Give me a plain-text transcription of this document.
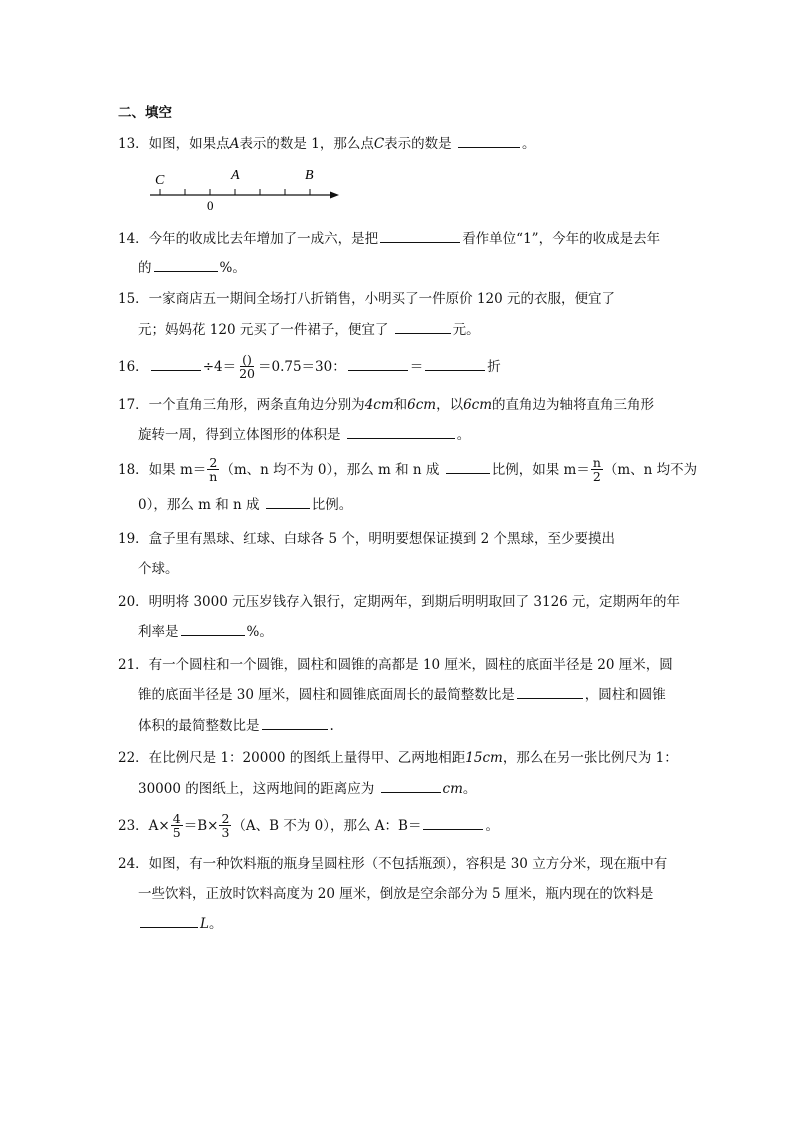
二、填空
13．如图，如果点A表示的数是 1，那么点C表示的数是	。
C	A	B
0
14．今年的收成比去年增加了一成六，是把	看作单位“1”，今年的收成是去年
的	%。
15．一家商店五一期间全场打八折销售，小明买了一件原价 120 元的衣服，便宜了
元；妈妈花 120 元买了一件裙子，便宜了	元。
16．	$\div 4= \frac{()}{20} =0.75=30$：	＝	折
17．一个直角三角形，两条直角边分别为4cm和6cm，以6cm的直角边为轴将直角三角形
旋转一周，得到立体图形的体积是	。
18．如果 $m= \frac{2}{n} (m$、n 均不为 0），那么 m 和 n 成	比例，如果 $m= \frac{n}{2} (m$、n 均不为
0），那么 m 和 n 成	比例。
19．盒子里有黑球、红球、白球各 5 个，明明要想保证摸到 2 个黑球，至少要摸出
个球。
20．明明将 3000 元压岁钱存入银行，定期两年，到期后明明取回了 3126 元，定期两年的年
利率是	%。
21．有一个圆柱和一个圆锥，圆柱和圆锥的高都是 10 厘米，圆柱的底面半径是 20 厘米，圆
锥的底面半径是 30 厘米，圆柱和圆锥底面周长的最简整数比是	，圆柱和圆锥
体积的最简整数比是	.
22．在比例尺是 1：20000 的图纸上量得甲、乙两地相距15cm，那么在另一张比例尺为 1：
30000 的图纸上，这两地间的距离应为	cm。
23．$A\times \frac{4}{5} =B\times \frac{2}{3} (A$、B 不为 0），那么 A：B＝	。
24．如图，有一种饮料瓶的瓶身呈圆柱形（不包括瓶颈），容积是 30 立方分米，现在瓶中有
一些饮料，正放时饮料高度为 20 厘米，倒放是空余部分为 5 厘米，瓶内现在的饮料是
L。
